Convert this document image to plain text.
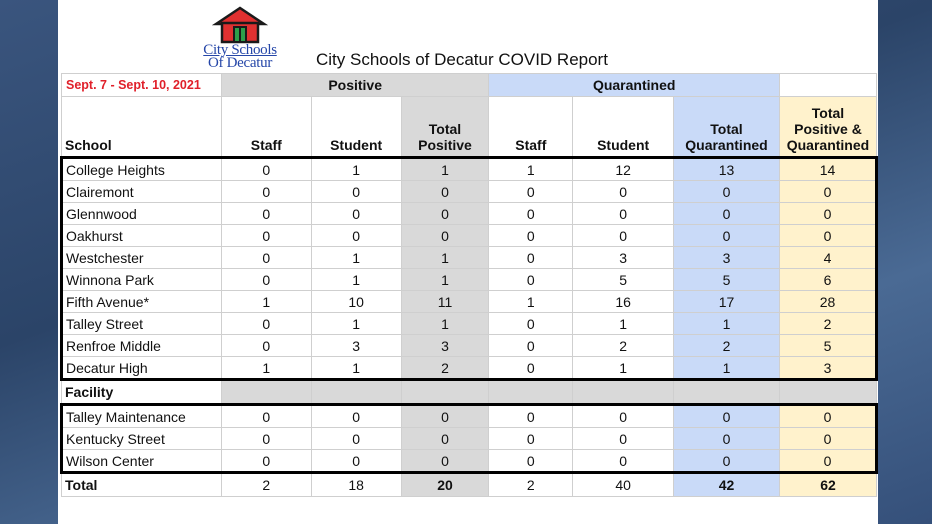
City Schools
Of Decatur	City Schools of Decatur COVID Report
Sept. 7 - Sept. 10, 2021	Positive			Quarantined			
School	Staff	Student	Total Positive	Staff	Student	Total Quarantined	Total Positive & Quarantined
College Heights	0	1	1	1	12	13	14
Clairemont	0	0	0	0	0	0	0
Glennwood	0	0	0	0	0	0	0
Oakhurst	0	0	0	0	0	0	0
Westchester	0	1	1	0	3	3	4
Winnona Park	0	1	1	0	5	5	6
Fifth Avenue*	1	10	11	1	16	17	28
Talley Street	0	1	1	0	1	1	2
Renfroe Middle	0	3	3	0	2	2	5
Decatur High	1	1	2	0	1	1	3
Facility							
Talley Maintenance	0	0	0	0	0	0	0
Kentucky Street	0	0	0	0	0	0	0
Wilson Center	0	0	0	0	0	0	0
Total	2	18	20	2	40	42	62
